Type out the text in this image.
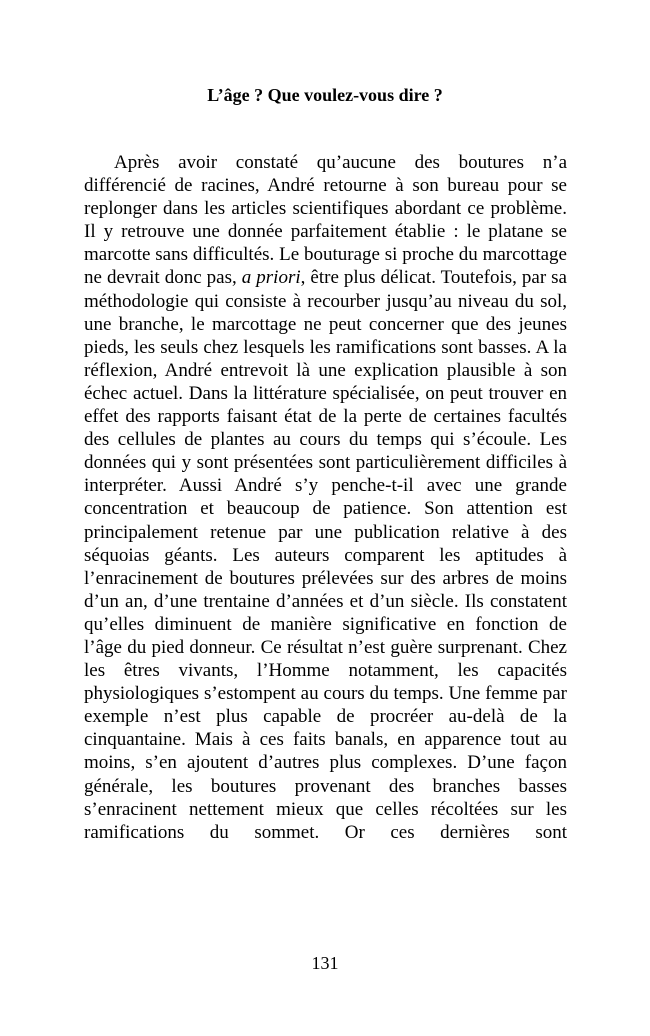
L’âge ? Que voulez-vous dire ?

Après avoir constaté qu’aucune des boutures n’a différencié de racines, André retourne à son bureau pour se replonger dans les articles scientifiques abordant ce problème. Il y retrouve une donnée parfaitement établie : le platane se marcotte sans difficultés. Le bouturage si proche du marcottage ne devrait donc pas, a priori, être plus délicat. Toutefois, par sa méthodologie qui consiste à recourber jusqu’au niveau du sol, une branche, le marcottage ne peut concerner que des jeunes pieds, les seuls chez lesquels les ramifications sont basses. A la réflexion, André entrevoit là une explication plausible à son échec actuel. Dans la littérature spécialisée, on peut trouver en effet des rapports faisant état de la perte de certaines facultés des cellules de plantes au cours du temps qui s’écoule. Les données qui y sont présentées sont particulièrement difficiles à interpréter. Aussi André s’y penche-t-il avec une grande concentration et beaucoup de patience. Son attention est principalement retenue par une publication relative à des séquoias géants. Les auteurs comparent les aptitudes à l’enracinement de boutures prélevées sur des arbres de moins d’un an, d’une trentaine d’années et d’un siècle. Ils constatent qu’elles diminuent de manière significative en fonction de l’âge du pied donneur. Ce résultat n’est guère surprenant. Chez les êtres vivants, l’Homme notamment, les capacités physiologiques s’estompent au cours du temps. Une femme par exemple n’est plus capable de procréer au-delà de la cinquantaine. Mais à ces faits banals, en apparence tout au moins, s’en ajoutent d’autres plus complexes. D’une façon générale, les boutures provenant des branches basses s’enracinent nettement mieux que celles récoltées sur les ramifications du sommet. Or ces dernières sont

131
